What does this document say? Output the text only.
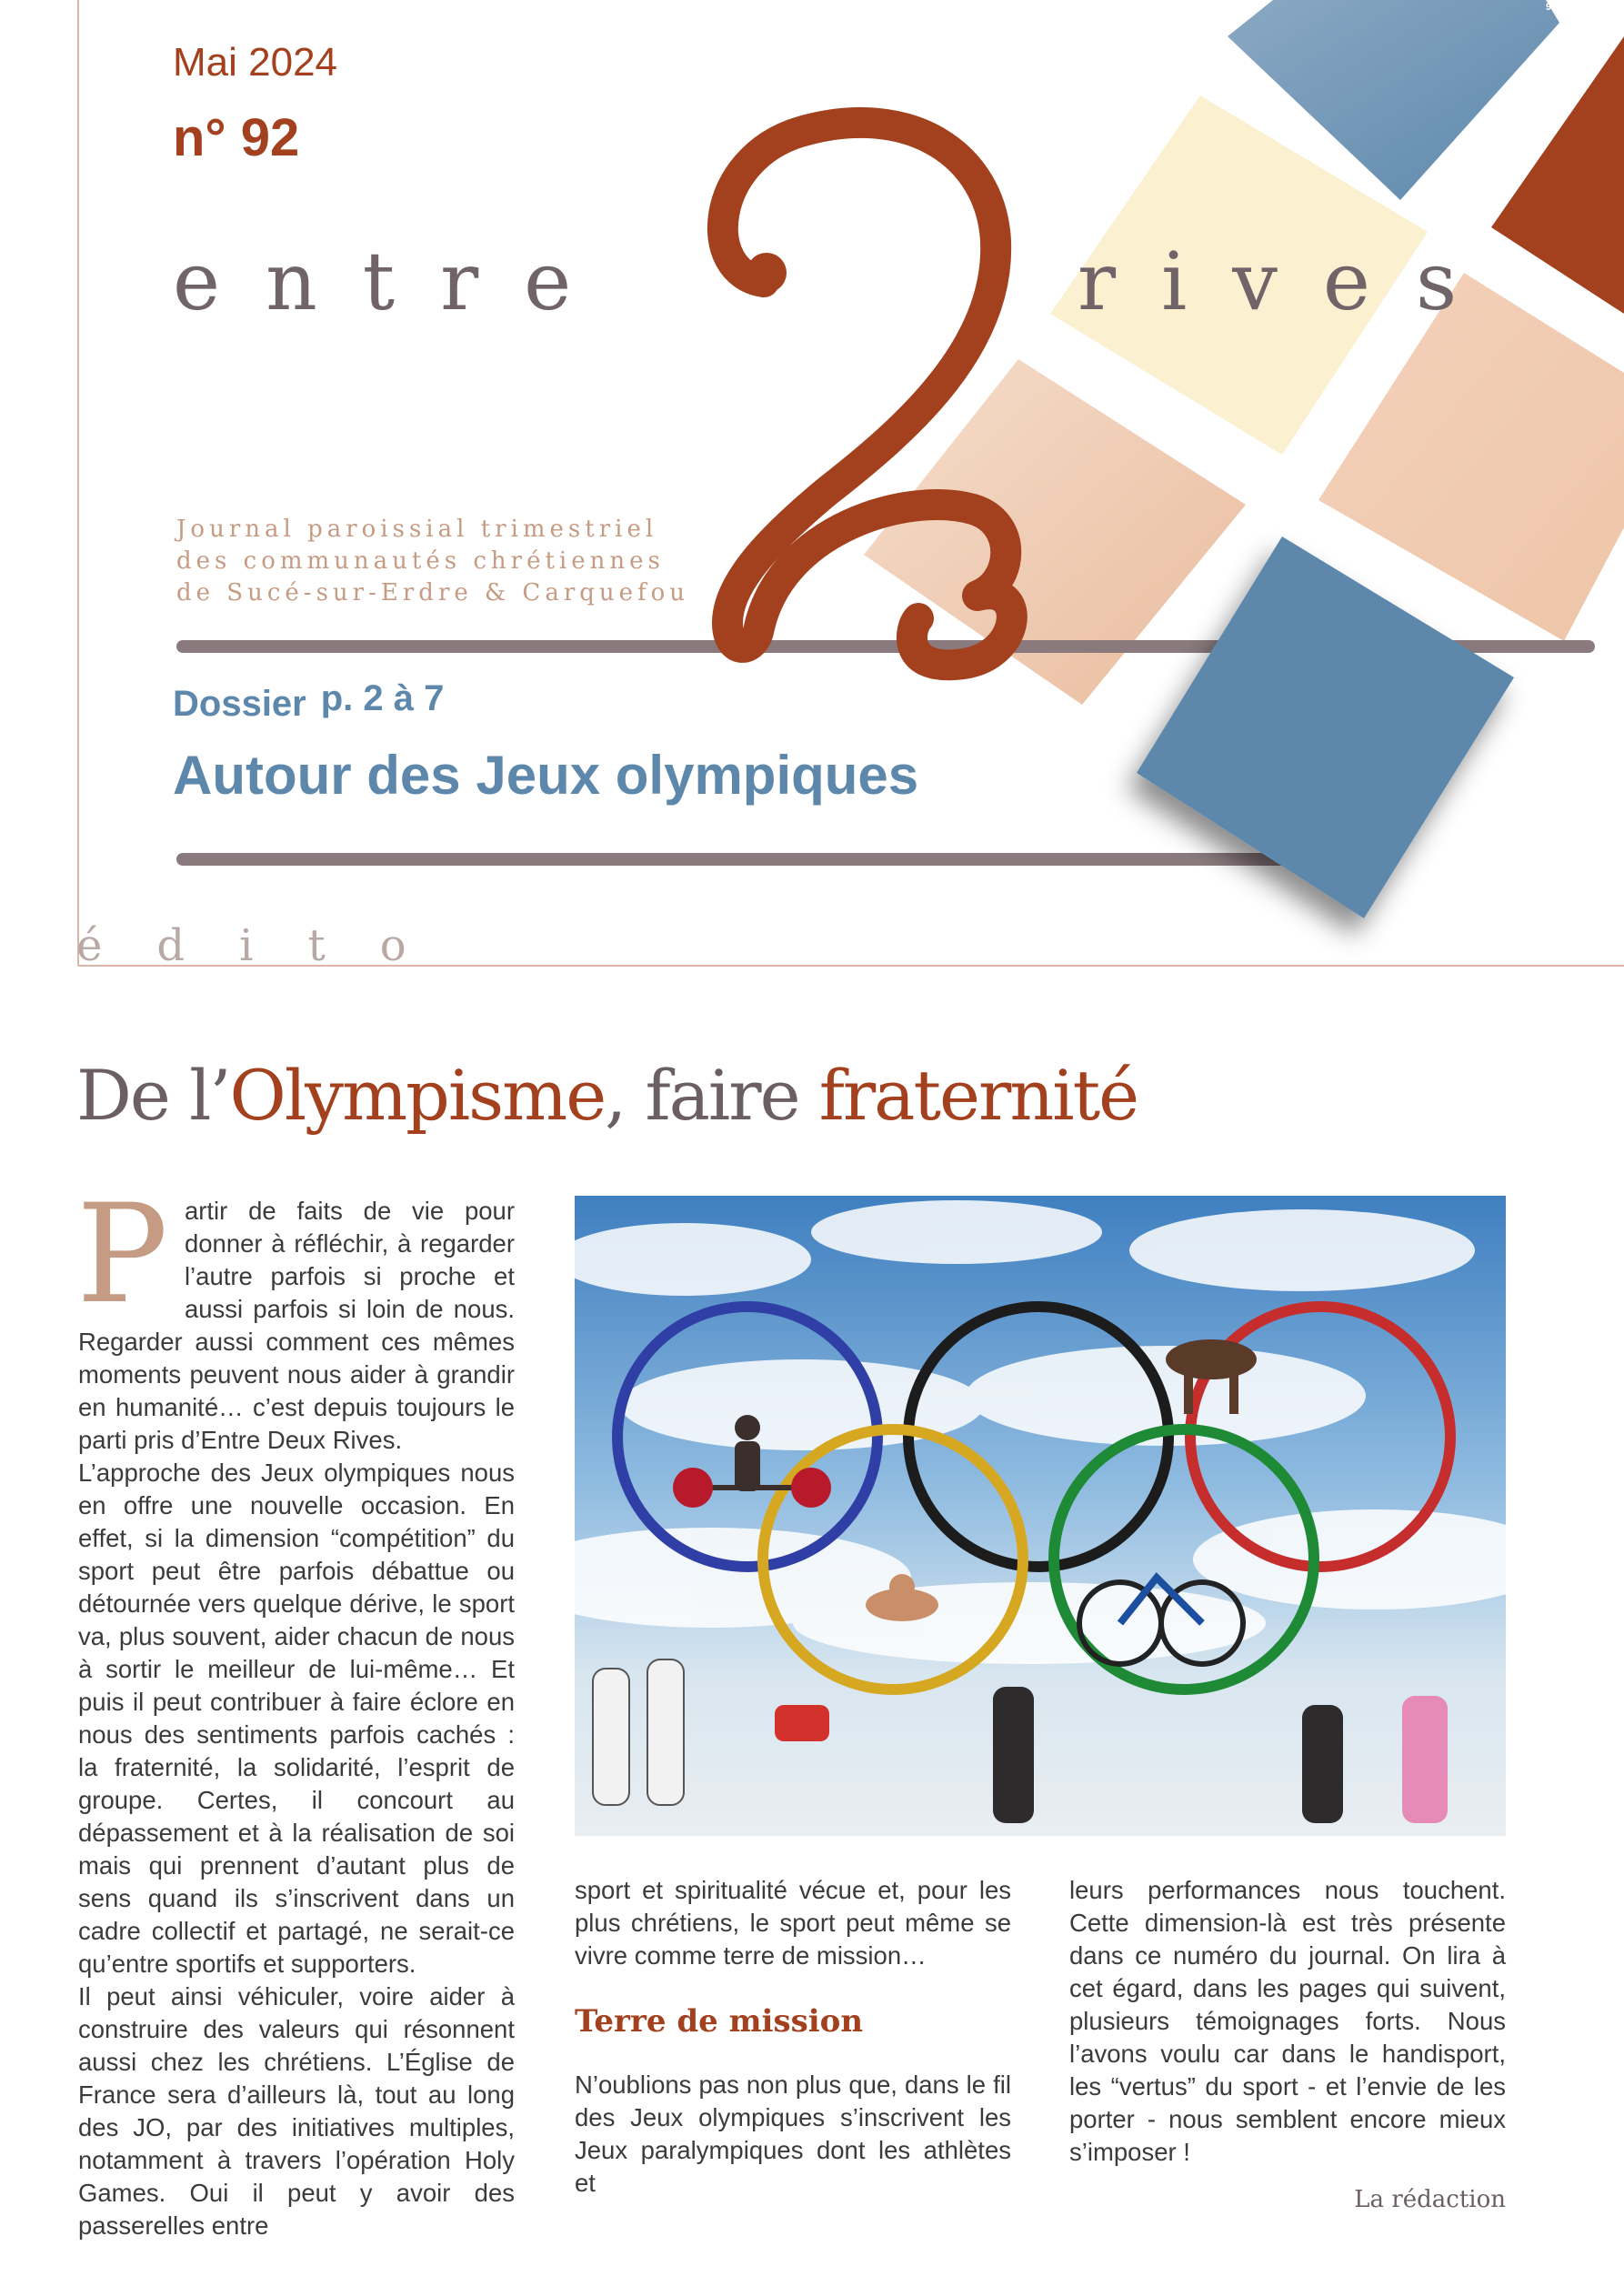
9232
Mai 2024
n° 92
entre	rives
Journal paroissial trimestriel
des communautés chrétiennes
de Sucé-sur-Erdre & Carquefou
Dossier p. 2 à 7
Autour des Jeux olympiques
édito
De l’Olympisme, faire fraternité
P artir de faits de vie pour donner à réfléchir, à regarder l’autre parfois si proche et aussi parfois si loin de nous. Regarder aussi comment ces mêmes moments peuvent nous aider à grandir en humanité… c’est depuis toujours le parti pris d’Entre Deux Rives.

L’approche des Jeux olympiques nous en offre une nouvelle occasion. En effet, si la dimension “compétition” du sport peut être parfois débattue ou détournée vers quelque dérive, le sport va, plus souvent, aider chacun de nous à sortir le meilleur de lui-même… Et puis il peut contribuer à faire éclore en nous des sentiments parfois cachés : la fraternité, la solidarité, l’esprit de groupe. Certes, il concourt au dépassement et à la réalisation de soi mais qui prennent d’autant plus de sens quand ils s’inscrivent dans un cadre collectif et partagé, ne serait-ce qu’entre sportifs et supporters.

Il peut ainsi véhiculer, voire aider à construire des valeurs qui résonnent aussi chez les chrétiens. L’Église de France sera d’ailleurs là, tout au long des JO, par des initiatives multiples, notamment à travers l’opération Holy Games. Oui il peut y avoir des passerelles entre

sport et spiritualité vécue et, pour les plus chrétiens, le sport peut même se vivre comme terre de mission…

Terre de mission

N’oublions pas non plus que, dans le fil des Jeux olympiques s’inscrivent les Jeux paralympiques dont les athlètes et

leurs performances nous touchent. Cette dimension-là est très présente dans ce numéro du journal. On lira à cet égard, dans les pages qui suivent, plusieurs témoignages forts. Nous l’avons voulu car dans le handisport, les “vertus” du sport - et l’envie de les porter - nous semblent encore mieux s’imposer !

La rédaction
